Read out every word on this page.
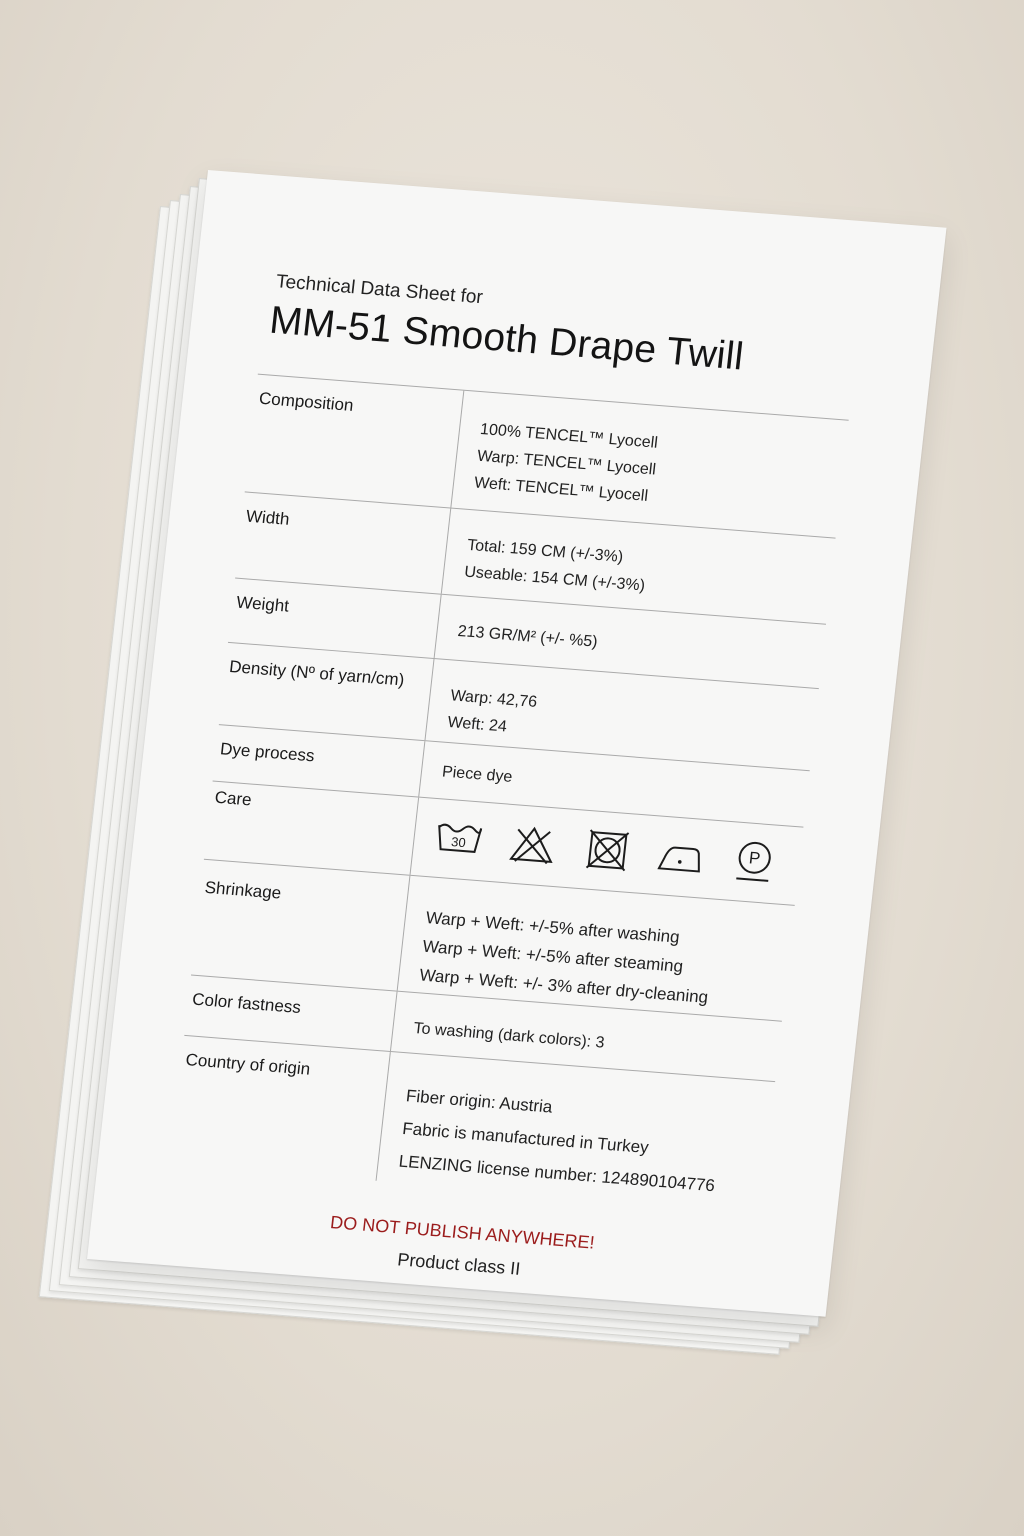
Technical Data Sheet for
MM-51 Smooth Drape Twill
Composition
100% TENCEL™ Lyocell
Warp: TENCEL™ Lyocell
Weft: TENCEL™ Lyocell
Width
Total: 159 CM (+/-3%)
Useable: 154 CM (+/-3%)
Weight
213 GR/M² (+/- %5)
Density (Nº of yarn/cm)
Warp: 42,76
Weft: 24
Dye process
Piece dye
Care
30
P
Shrinkage
Warp + Weft: +/-5% after washing
Warp + Weft: +/-5% after steaming
Warp + Weft: +/- 3% after dry-cleaning
Color fastness
To washing (dark colors): 3
Country of origin
Fiber origin: Austria
Fabric is manufactured in Turkey
LENZING license number: 124890104776
DO NOT PUBLISH ANYWHERE!
Product class II
